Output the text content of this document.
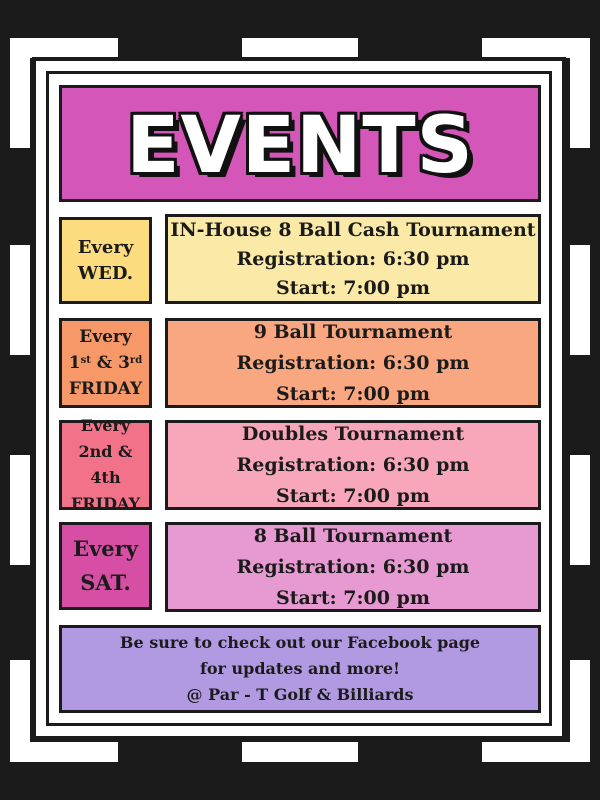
EVENTS
Every
WED.
IN-House 8 Ball Cash Tournament
Registration: 6:30 pm
Start: 7:00 pm
Every
1st & 3rd
FRIDAY
9 Ball Tournament
Registration: 6:30 pm
Start: 7:00 pm
Every
2nd & 4th
FRIDAY
Doubles Tournament
Registration: 6:30 pm
Start: 7:00 pm
Every
SAT.
8 Ball Tournament
Registration: 6:30 pm
Start: 7:00 pm
Be sure to check out our Facebook page
for updates and more!
@ Par - T Golf & Billiards
